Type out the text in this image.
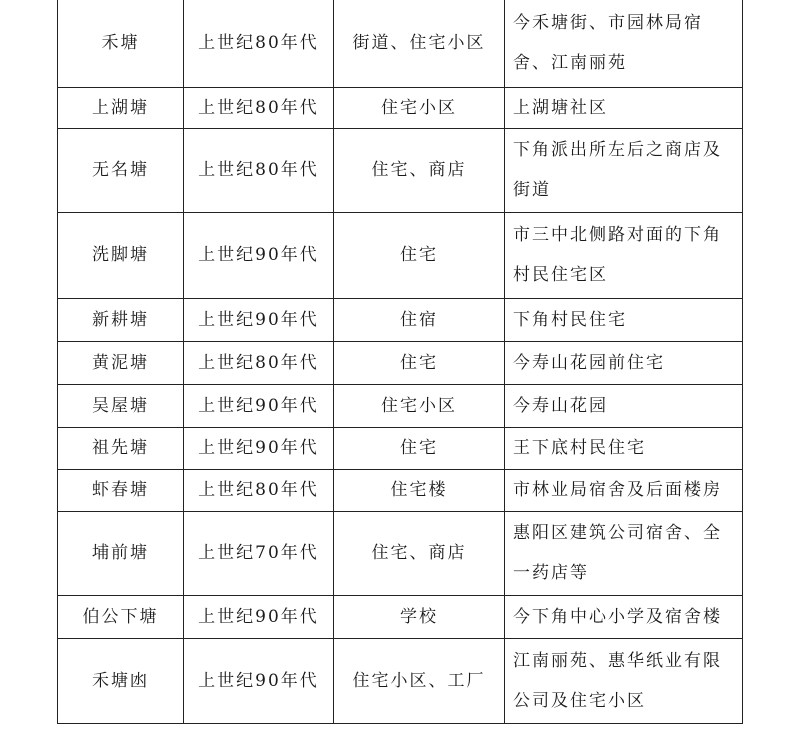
禾塘	上世纪80年代	街道、住宅小区	今禾塘街、市园林局宿舍、江南丽苑

上湖塘	上世纪80年代	住宅小区	上湖塘社区

无名塘	上世纪80年代	住宅、商店	下角派出所左后之商店及街道

洗脚塘	上世纪90年代	住宅	市三中北侧路对面的下角村民住宅区

新耕塘	上世纪90年代	住宿	下角村民住宅

黄泥塘	上世纪80年代	住宅	今寿山花园前住宅

吴屋塘	上世纪90年代	住宅小区	今寿山花园

祖先塘	上世纪90年代	住宅	王下底村民住宅

虾春塘	上世纪80年代	住宅楼	市林业局宿舍及后面楼房

埔前塘	上世纪70年代	住宅、商店	惠阳区建筑公司宿舍、全一药店等

伯公下塘	上世纪90年代	学校	今下角中心小学及宿舍楼

禾塘凼	上世纪90年代	住宅小区、工厂	江南丽苑、惠华纸业有限公司及住宅小区
